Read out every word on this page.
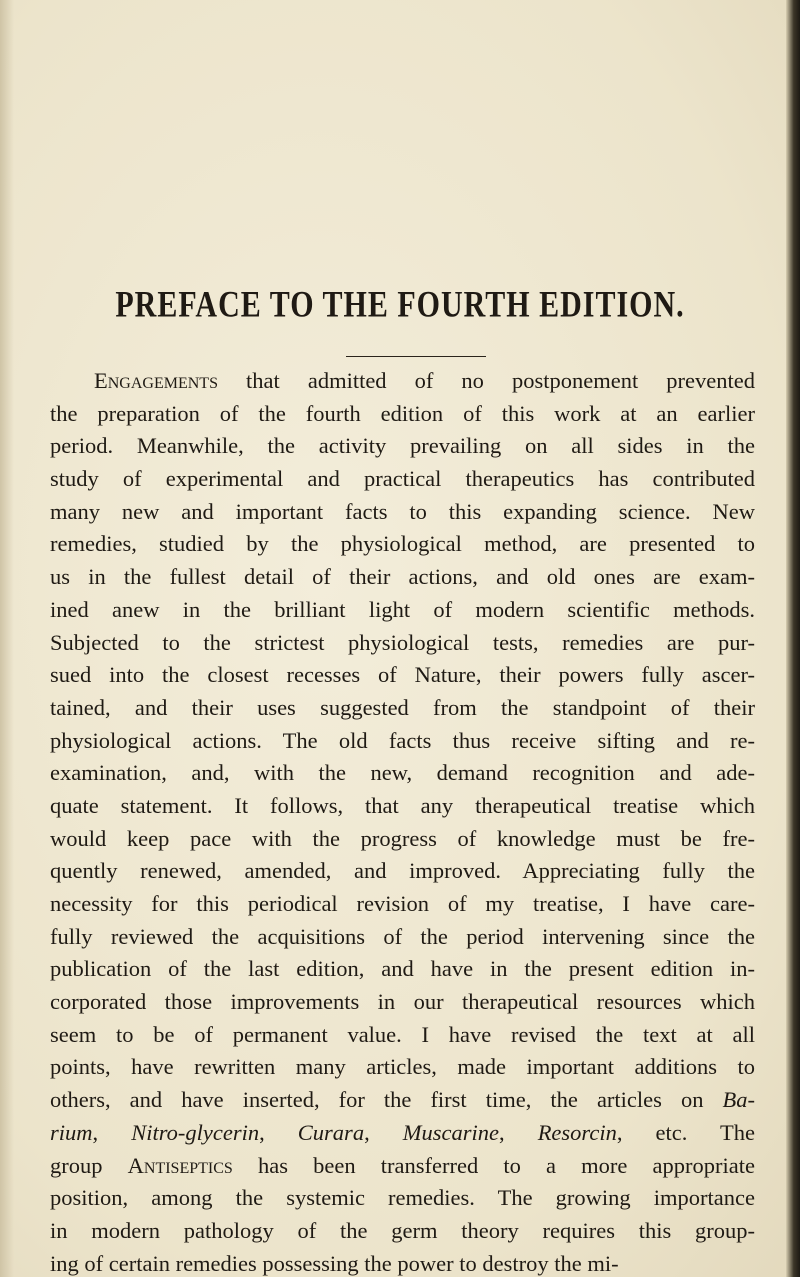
PREFACE TO THE FOURTH EDITION.
Engagements that admitted of no postponement prevented
the preparation of the fourth edition of this work at an earlier
period. Meanwhile, the activity prevailing on all sides in the
study of experimental and practical therapeutics has contributed
many new and important facts to this expanding science. New
remedies, studied by the physiological method, are presented to
us in the fullest detail of their actions, and old ones are exam-
ined anew in the brilliant light of modern scientific methods.
Subjected to the strictest physiological tests, remedies are pur-
sued into the closest recesses of Nature, their powers fully ascer-
tained, and their uses suggested from the standpoint of their
physiological actions. The old facts thus receive sifting and re-
examination, and, with the new, demand recognition and ade-
quate statement. It follows, that any therapeutical treatise which
would keep pace with the progress of knowledge must be fre-
quently renewed, amended, and improved. Appreciating fully the
necessity for this periodical revision of my treatise, I have care-
fully reviewed the acquisitions of the period intervening since the
publication of the last edition, and have in the present edition in-
corporated those improvements in our therapeutical resources which
seem to be of permanent value. I have revised the text at all
points, have rewritten many articles, made important additions to
others, and have inserted, for the first time, the articles on Ba-
rium, Nitro-glycerin, Curara, Muscarine, Resorcin, etc. The
group Antiseptics has been transferred to a more appropriate
position, among the systemic remedies. The growing importance
in modern pathology of the germ theory requires this group-
ing of certain remedies possessing the power to destroy the mi-
